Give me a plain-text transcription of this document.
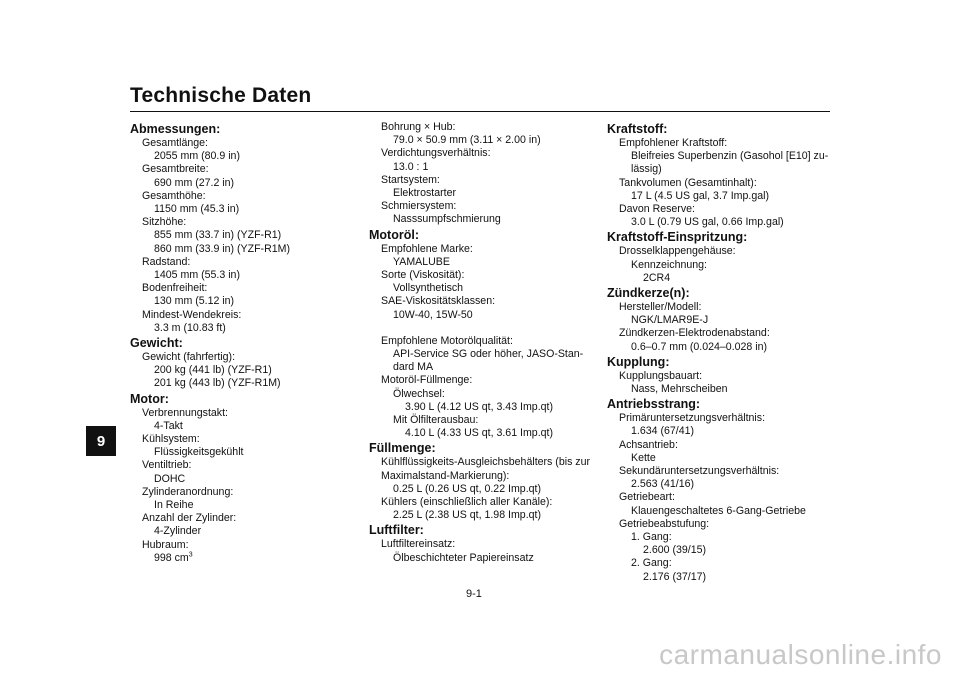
Technische Daten
9
Abmessungen:
Gesamtlänge:
2055 mm (80.9 in)
Gesamtbreite:
690 mm (27.2 in)
Gesamthöhe:
1150 mm (45.3 in)
Sitzhöhe:
855 mm (33.7 in) (YZF-R1)
860 mm (33.9 in) (YZF-R1M)
Radstand:
1405 mm (55.3 in)
Bodenfreiheit:
130 mm (5.12 in)
Mindest-Wendekreis:
3.3 m (10.83 ft)
Gewicht:
Gewicht (fahrfertig):
200 kg (441 lb) (YZF-R1)
201 kg (443 lb) (YZF-R1M)
Motor:
Verbrennungstakt:
4-Takt
Kühlsystem:
Flüssigkeitsgekühlt
Ventiltrieb:
DOHC
Zylinderanordnung:
In Reihe
Anzahl der Zylinder:
4-Zylinder
Hubraum:
998 $cm^3$
Bohrung × Hub:
79.0 × 50.9 mm (3.11 × 2.00 in)
Verdichtungsverhältnis:
13.0 : 1
Startsystem:
Elektrostarter
Schmiersystem:
Nasssumpfschmierung
Motoröl:
Empfohlene Marke:
YAMALUBE
Sorte (Viskosität):
Vollsynthetisch
SAE-Viskositätsklassen:
10W-40, 15W-50
Empfohlene Motorölqualität:
API-Service SG oder höher, JASO-Stan-
dard MA
Motoröl-Füllmenge:
Ölwechsel:
3.90 L (4.12 US qt, 3.43 Imp.qt)
Mit Ölfilterausbau:
4.10 L (4.33 US qt, 3.61 Imp.qt)
Füllmenge:
Kühlflüssigkeits-Ausgleichsbehälters (bis zur
Maximalstand-Markierung):
0.25 L (0.26 US qt, 0.22 Imp.qt)
Kühlers (einschließlich aller Kanäle):
2.25 L (2.38 US qt, 1.98 Imp.qt)
Luftfilter:
Luftfiltereinsatz:
Ölbeschichteter Papiereinsatz
Kraftstoff:
Empfohlener Kraftstoff:
Bleifreies Superbenzin (Gasohol [E10] zu-
lässig)
Tankvolumen (Gesamtinhalt):
17 L (4.5 US gal, 3.7 Imp.gal)
Davon Reserve:
3.0 L (0.79 US gal, 0.66 Imp.gal)
Kraftstoff-Einspritzung:
Drosselklappengehäuse:
Kennzeichnung:
2CR4
Zündkerze(n):
Hersteller/Modell:
NGK/LMAR9E-J
Zündkerzen-Elektrodenabstand:
0.6–0.7 mm (0.024–0.028 in)
Kupplung:
Kupplungsbauart:
Nass, Mehrscheiben
Antriebsstrang:
Primäruntersetzungsverhältnis:
1.634 (67/41)
Achsantrieb:
Kette
Sekundäruntersetzungsverhältnis:
2.563 (41/16)
Getriebeart:
Klauengeschaltetes 6-Gang-Getriebe
Getriebeabstufung:
1. Gang:
2.600 (39/15)
2. Gang:
2.176 (37/17)
9-1
carmanualsonline.info
